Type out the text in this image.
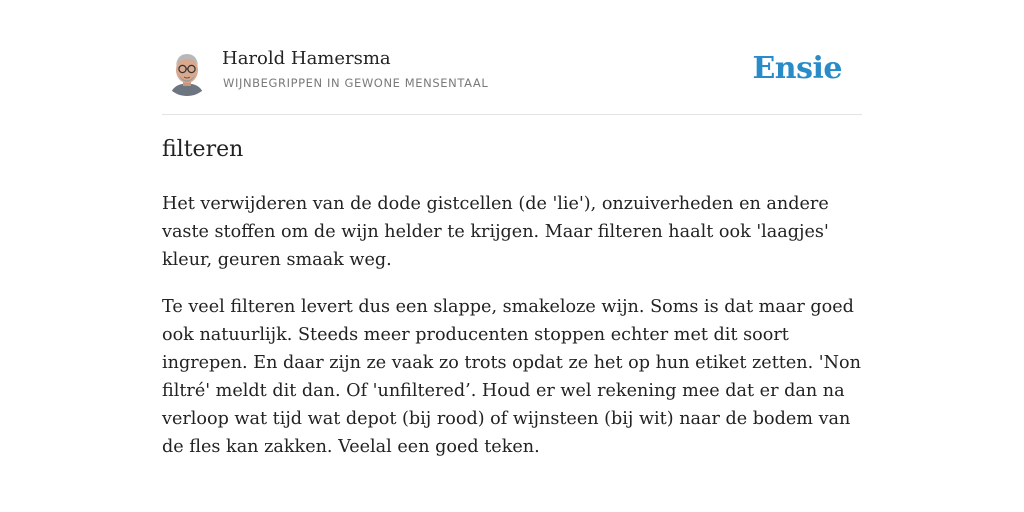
Harold Hamersma
WIJNBEGRIPPEN IN GEWONE MENSENTAAL	Ensie
filteren

Het verwijderen van de dode gistcellen (de 'lie'), onzuiverheden en andere vaste stoffen om de wijn helder te krijgen. Maar filteren haalt ook 'laagjes' kleur, geuren smaak weg.

Te veel filteren levert dus een slappe, smakeloze wijn. Soms is dat maar goed ook natuurlijk. Steeds meer producenten stoppen echter met dit soort ingrepen. En daar zijn ze vaak zo trots opdat ze het op hun etiket zetten. 'Non filtré' meldt dit dan. Of 'unfiltered’. Houd er wel rekening mee dat er dan na verloop wat tijd wat depot (bij rood) of wijnsteen (bij wit) naar de bodem van de fles kan zakken. Veelal een goed teken.
